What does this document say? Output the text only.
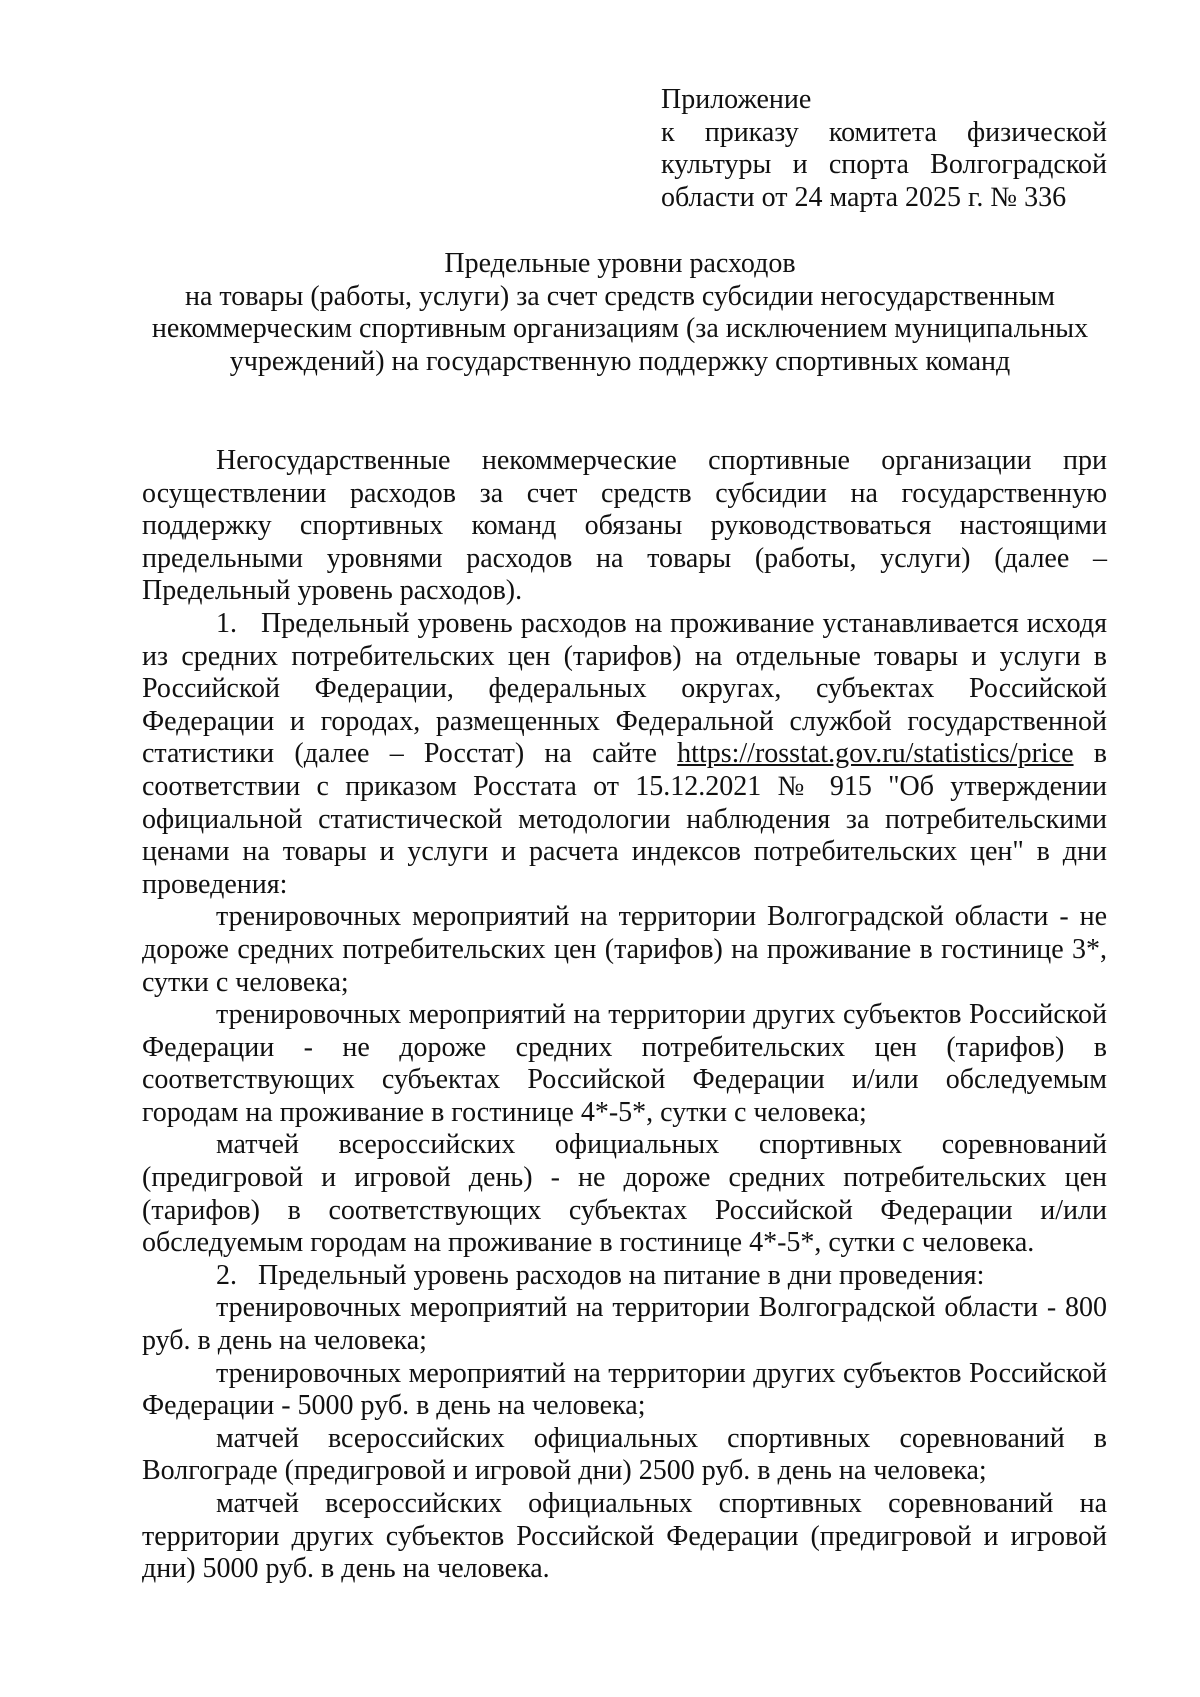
Приложение
к приказу комитета физической культуры и спорта Волгоградской области от 24 марта 2025 г. № 336
Предельные уровни расходов
на товары (работы, услуги) за счет средств субсидии негосударственным некоммерческим спортивным организациям (за исключением муниципальных учреждений) на государственную поддержку спортивных команд

Негосударственные некоммерческие спортивные организации при осуществлении расходов за счет средств субсидии на государственную поддержку спортивных команд обязаны руководствоваться настоящими предельными уровнями расходов на товары (работы, услуги) (далее – Предельный уровень расходов).

1. Предельный уровень расходов на проживание устанавливается исходя из средних потребительских цен (тарифов) на отдельные товары и услуги в Российской Федерации, федеральных округах, субъектах Российской Федерации и городах, размещенных Федеральной службой государственной статистики (далее – Росстат) на сайте https://rosstat.gov.ru/statistics/price в соответствии с приказом Росстата от 15.12.2021 № 915 "Об утверждении официальной статистической методологии наблюдения за потребительскими ценами на товары и услуги и расчета индексов потребительских цен" в дни проведения:

тренировочных мероприятий на территории Волгоградской области - не дороже средних потребительских цен (тарифов) на проживание в гостинице 3*, сутки с человека;

тренировочных мероприятий на территории других субъектов Российской Федерации - не дороже средних потребительских цен (тарифов) в соответствующих субъектах Российской Федерации и/или обследуемым городам на проживание в гостинице 4*-5*, сутки с человека;

матчей всероссийских официальных спортивных соревнований (предигровой и игровой день) - не дороже средних потребительских цен (тарифов) в соответствующих субъектах Российской Федерации и/или обследуемым городам на проживание в гостинице 4*-5*, сутки с человека.

2. Предельный уровень расходов на питание в дни проведения:

тренировочных мероприятий на территории Волгоградской области - 800 руб. в день на человека;

тренировочных мероприятий на территории других субъектов Российской Федерации - 5000 руб. в день на человека;

матчей всероссийских официальных спортивных соревнований в Волгограде (предигровой и игровой дни) 2500 руб. в день на человека;

матчей всероссийских официальных спортивных соревнований на территории других субъектов Российской Федерации (предигровой и игровой дни) 5000 руб. в день на человека.
